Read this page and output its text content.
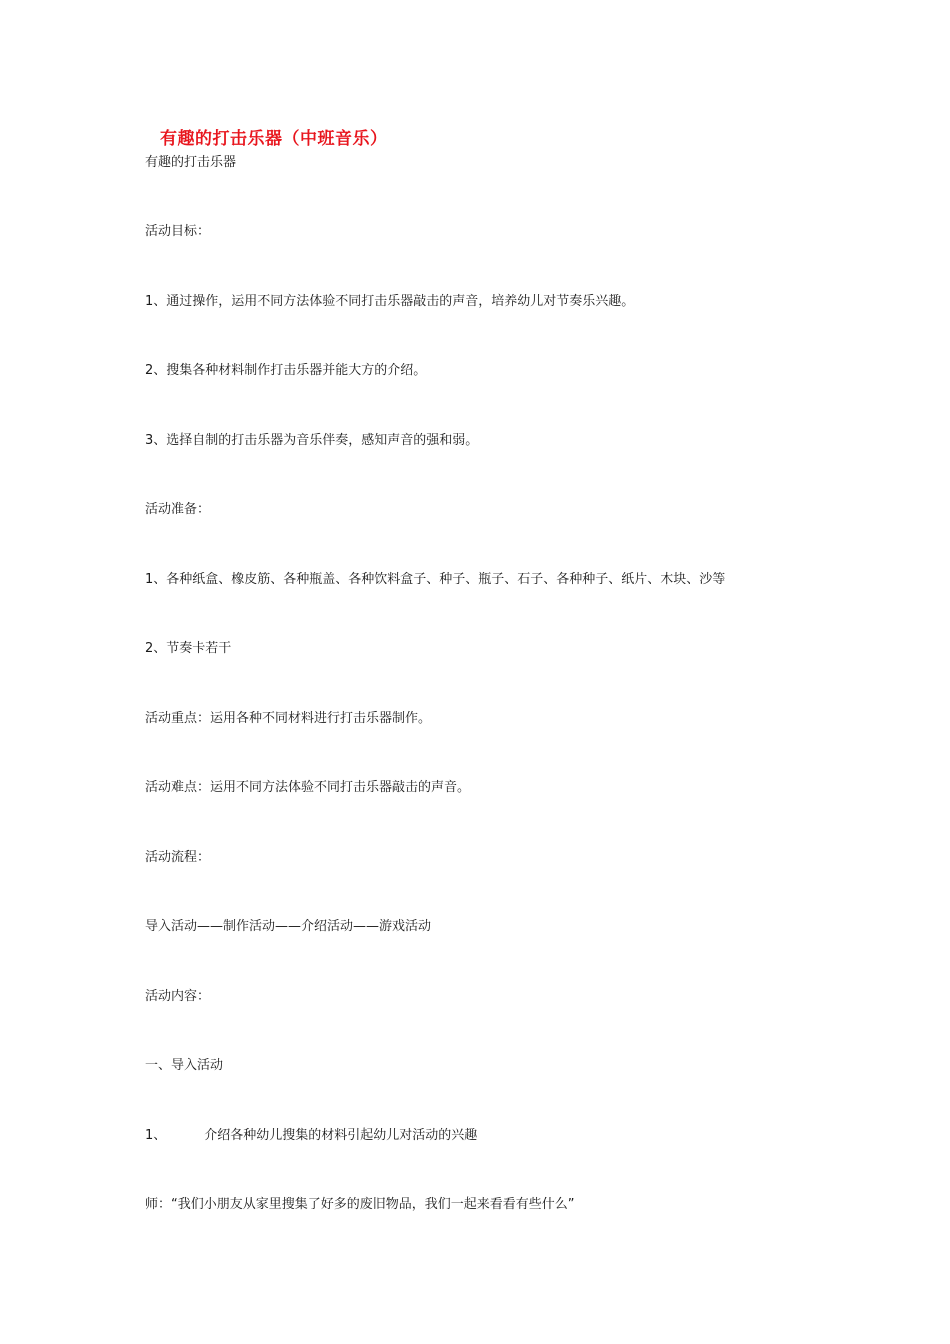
有趣的打击乐器（中班音乐）
有趣的打击乐器
活动目标：
1、通过操作，运用不同方法体验不同打击乐器敲击的声音，培养幼儿对节奏乐兴趣。
2、搜集各种材料制作打击乐器并能大方的介绍。
3、选择自制的打击乐器为音乐伴奏，感知声音的强和弱。
活动准备：
1、各种纸盒、橡皮筋、各种瓶盖、各种饮料盒子、种子、瓶子、石子、各种种子、纸片、木块、沙等
2、节奏卡若干
活动重点：运用各种不同材料进行打击乐器制作。
活动难点：运用不同方法体验不同打击乐器敲击的声音。
活动流程：
导入活动——制作活动——介绍活动——游戏活动
活动内容：
一、导入活动
1、	介绍各种幼儿搜集的材料引起幼儿对活动的兴趣
师：“我们小朋友从家里搜集了好多的废旧物品，我们一起来看看有些什么”
